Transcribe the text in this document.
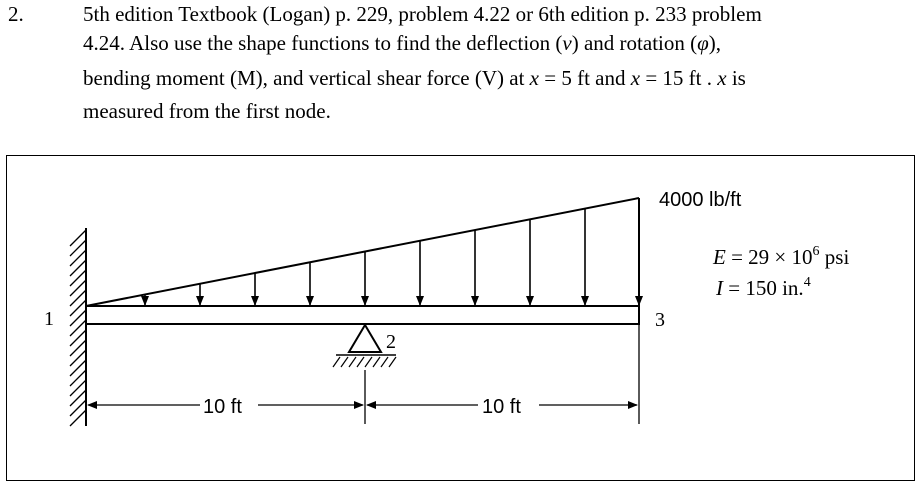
2.	5th edition Textbook (Logan) p. 229, problem 4.22 or 6th edition p. 233 problem
4.24. Also use the shape functions to find the deflection (v) and rotation (φ),
bending moment (M), and vertical shear force (V) at x = 5 ft and x = 15 ft . x is
measured from the first node.
4000 lb/ft
$E = 29 \times 10^6$ psi
I = 150 in.$^4$
1
2
3
10 ft	10 ft
